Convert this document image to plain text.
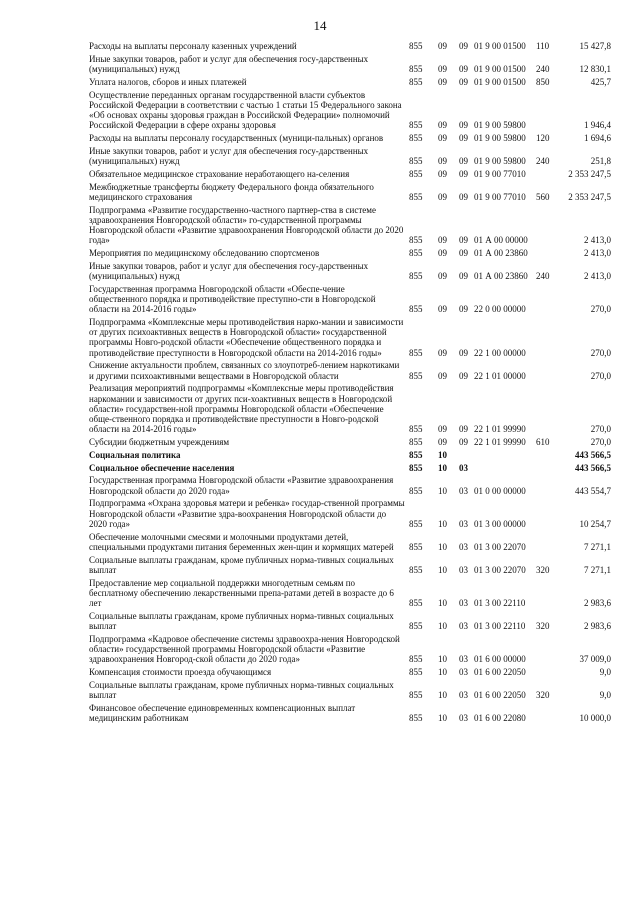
14
Расходы на выплаты персоналу казенных учреждений	855	09	09	01 9 00 01500	110	15 427,8
Иные закупки товаров, работ и услуг для обеспечения госу-дарственных (муниципальных) нужд	855	09	09	01 9 00 01500	240	12 830,1
Уплата налогов, сборов и иных платежей	855	09	09	01 9 00 01500	850	425,7
Осуществление переданных органам государственной власти субъектов Российской Федерации в соответствии с частью 1 статьи 15 Федерального закона «Об основах охраны здоровья граждан в Российской Федерации» полномочий Российской Федерации в сфере охраны здоровья	855	09	09	01 9 00 59800		1 946,4
Расходы на выплаты персоналу государственных (муници-пальных) органов	855	09	09	01 9 00 59800	120	1 694,6
Иные закупки товаров, работ и услуг для обеспечения госу-дарственных (муниципальных) нужд	855	09	09	01 9 00 59800	240	251,8
Обязательное медицинское страхование неработающего на-селения	855	09	09	01 9 00 77010		2 353 247,5
Межбюджетные трансферты бюджету Федерального фонда обязательного медицинского страхования	855	09	09	01 9 00 77010	560	2 353 247,5
Подпрограмма «Развитие государственно-частного партнер-ства в системе здравоохранения Новгородской области» го-сударственной программы Новгородской области «Развитие здравоохранения Новгородской области до 2020 года»	855	09	09	01 А 00 00000		2 413,0
Мероприятия по медицинскому обследованию спортсменов	855	09	09	01 А 00 23860		2 413,0
Иные закупки товаров, работ и услуг для обеспечения госу-дарственных (муниципальных) нужд	855	09	09	01 А 00 23860	240	2 413,0
Государственная программа Новгородской области «Обеспе-чение общественного порядка и противодействие преступно-сти в Новгородской области на 2014-2016 годы»	855	09	09	22 0 00 00000		270,0
Подпрограмма «Комплексные меры противодействия нарко-мании и зависимости от других психоактивных веществ в Новгородской области» государственной программы Новго-родской области «Обеспечение общественного порядка и противодействие преступности в Новгородской области на 2014-2016 годы»	855	09	09	22 1 00 00000		270,0
Снижение актуальности проблем, связанных со злоупотреб-лением наркотиками и другими психоактивными веществами в Новгородской области	855	09	09	22 1 01 00000		270,0
Реализация мероприятий подпрограммы «Комплексные меры противодействия наркомании и зависимости от других пси-хоактивных веществ в Новгородской области» государствен-ной программы Новгородской области «Обеспечение обще-ственного порядка и противодействие преступности в Новго-родской области на 2014-2016 годы»	855	09	09	22 1 01 99990		270,0
Субсидии бюджетным учреждениям	855	09	09	22 1 01 99990	610	270,0
Социальная политика	855	10				443 566,5
Социальное обеспечение населения	855	10	03			443 566,5
Государственная программа Новгородской области «Развитие здравоохранения Новгородской области до 2020 года»	855	10	03	01 0 00 00000		443 554,7
Подпрограмма «Охрана здоровья матери и ребенка» государ-ственной программы Новгородской области «Развитие здра-воохранения Новгородской области до 2020 года»	855	10	03	01 3 00 00000		10 254,7
Обеспечение молочными смесями и молочными продуктами детей, специальными продуктами питания беременных жен-щин и кормящих матерей	855	10	03	01 3 00 22070		7 271,1
Социальные выплаты гражданам, кроме публичных норма-тивных социальных выплат	855	10	03	01 3 00 22070	320	7 271,1
Предоставление мер социальной поддержки многодетным семьям по бесплатному обеспечению лекарственными препа-ратами детей в возрасте до 6 лет	855	10	03	01 3 00 22110		2 983,6
Социальные выплаты гражданам, кроме публичных норма-тивных социальных выплат	855	10	03	01 3 00 22110	320	2 983,6
Подпрограмма «Кадровое обеспечение системы здравоохра-нения Новгородской области» государственной программы Новгородской области «Развитие здравоохранения Новгород-ской области до 2020 года»	855	10	03	01 6 00 00000		37 009,0
Компенсация стоимости проезда обучающимся	855	10	03	01 6 00 22050		9,0
Социальные выплаты гражданам, кроме публичных норма-тивных социальных выплат	855	10	03	01 6 00 22050	320	9,0
Финансовое обеспечение единовременных компенсационных выплат медицинским работникам	855	10	03	01 6 00 22080		10 000,0
